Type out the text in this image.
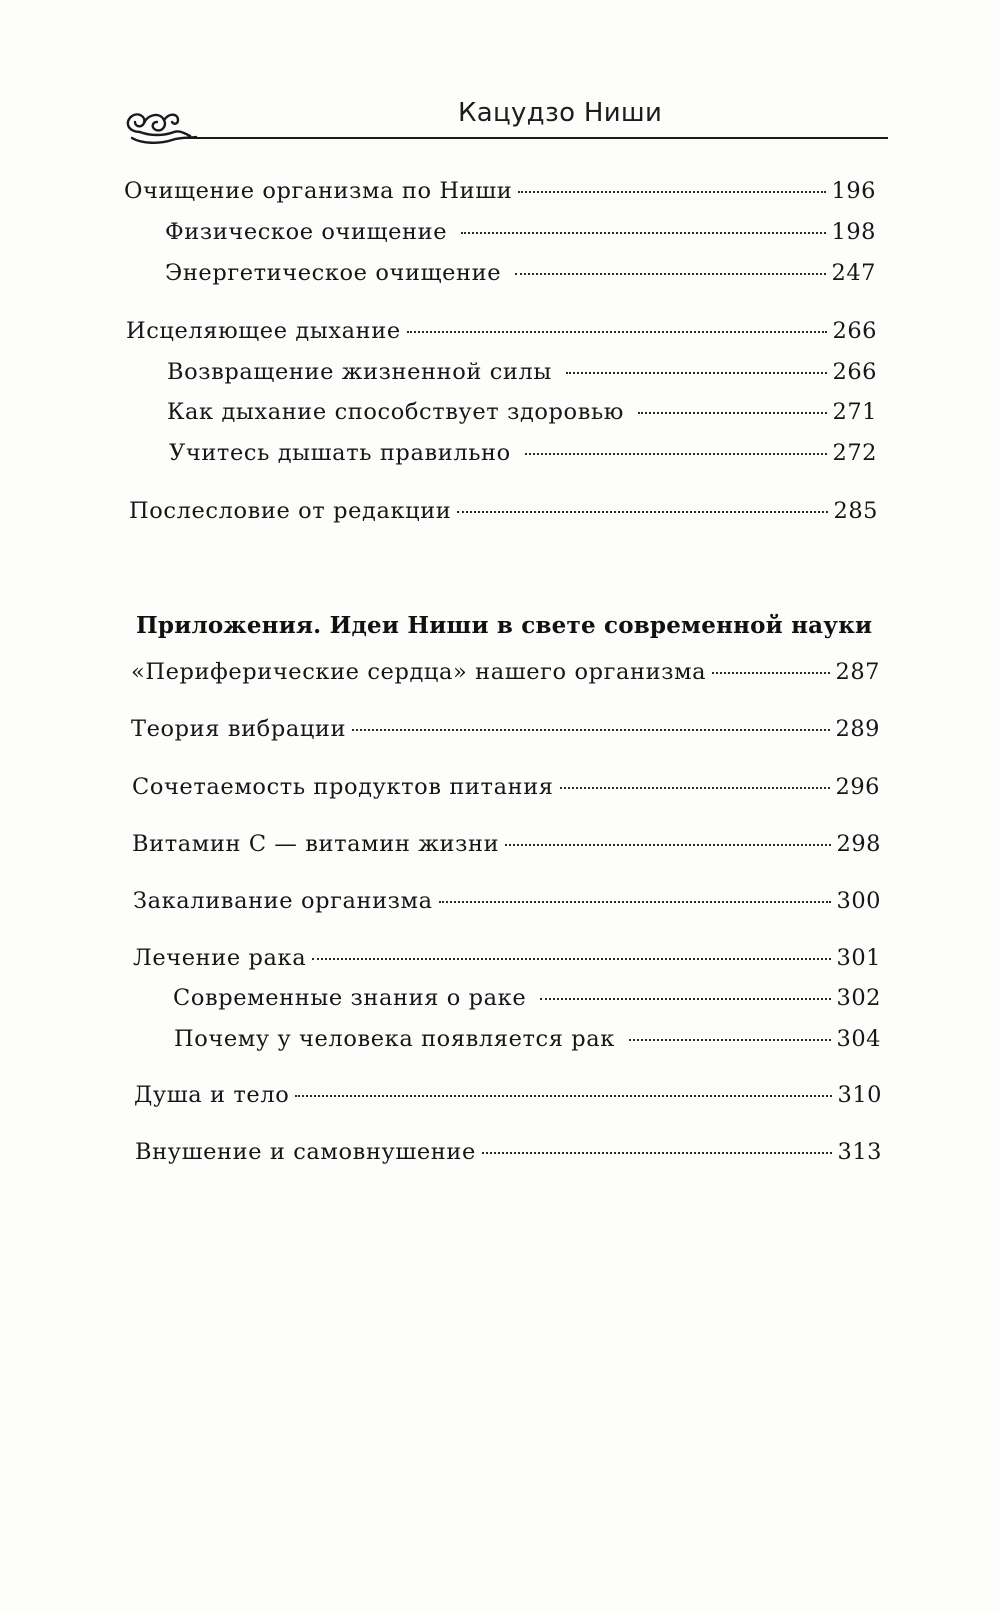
Кацудзо Ниши
Очищение организма по Ниши	196
Физическое очищение	198
Энергетическое очищение	247
Исцеляющее дыхание	266
Возвращение жизненной силы	266
Как дыхание способствует здоровью	271
Учитесь дышать правильно	272
Послесловие от редакции	285
Приложения. Идеи Ниши в свете современной науки
«Периферические сердца» нашего организма	287
Теория вибрации	289
Сочетаемость продуктов питания	296
Витамин С — витамин жизни	298
Закаливание организма	300
Лечение рака	301
Современные знания о раке	302
Почему у человека появляется рак	304
Душа и тело	310
Внушение и самовнушение	313
